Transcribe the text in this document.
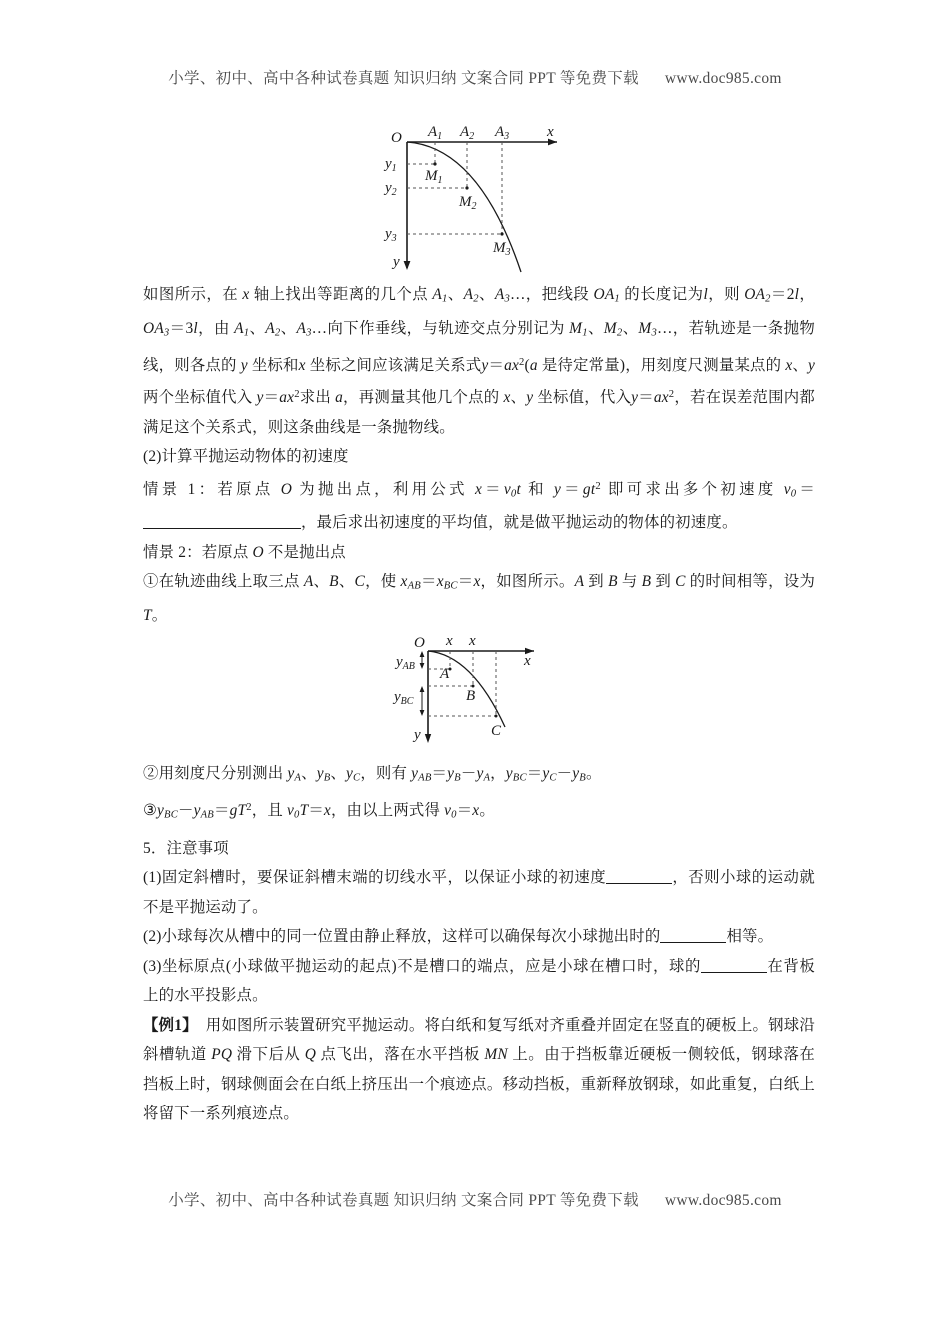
小学、初中、高中各种试卷真题 知识归纳 文案合同 PPT 等免费下载 www.doc985.com
O	x
y
$A_1$ $A_2$ $A_3$
$y_1$
$y_2$
$y_3$
$M_1$
$M_2$
$M_3$

如图所示，在 x 轴上找出等距离的几个点 $A_1$、$A_2$、$A_3\dots$，把线段 $OA_1$ 的长度记为l，则 $OA_2=2l$，$OA_3=3l$，由 $A_1$、$A_2$、$A_3\dots$向下作垂线，与轨迹交点分别记为 $M_1$、$M_2$、$M_3\dots$，若轨迹是一条抛物线，则各点的 y 坐标和x 坐标之间应该满足关系式$y=ax^2(a$ 是待定常量)，用刻度尺测量某点的 x、y 两个坐标值代入 $y=ax^2$求出 a，再测量其他几个点的 x、y 坐标值，代入$y=ax^2$，若在误差范围内都满足这个关系式，则这条曲线是一条抛物线。

(2)计算平抛运动物体的初速度

情景 1：若原点 O 为抛出点，利用公式 $x=v_0t$ 和 $y=gt^2$ 即可求出多个初速度 $v_0=$，最后求出初速度的平均值，就是做平抛运动的物体的初速度。

情景 2：若原点 O 不是抛出点

①在轨迹曲线上取三点 A、B、C，使 $x_{AB}=x_{BC}=x$，如图所示。A 到 B 与 B 到 C 的时间相等，设为 T。

O
x
y
x x
$y_{AB}$
$y_{BC}$
A
B
C

②用刻度尺分别测出 $y_A$、$y_B$、$y_C$，则有 $y_{AB}=y_B-y_A$，$y_{BC}=y_C-y_B$。

$③y_{BC}-y_{AB}=gT^2$，且 $v_0T=x$，由以上两式得 $v_0=x$。

5．注意事项

(1)固定斜槽时，要保证斜槽末端的切线水平，以保证小球的初速度	，否则小球的运动就不是平抛运动了。

(2)小球每次从槽中的同一位置由静止释放，这样可以确保每次小球抛出时的	相等。

(3)坐标原点(小球做平抛运动的起点)不是槽口的端点，应是小球在槽口时，球的	在背板上的水平投影点。

【例1】　 用如图所示装置研究平抛运动。将白纸和复写纸对齐重叠并固定在竖直的硬板上。钢球沿斜槽轨道 PQ 滑下后从 Q 点飞出，落在水平挡板 MN 上。由于挡板靠近硬板一侧较低，钢球落在挡板上时，钢球侧面会在白纸上挤压出一个痕迹点。移动挡板，重新释放钢球，如此重复，白纸上将留下一系列痕迹点。

小学、初中、高中各种试卷真题 知识归纳 文案合同 PPT 等免费下载 www.doc985.com
